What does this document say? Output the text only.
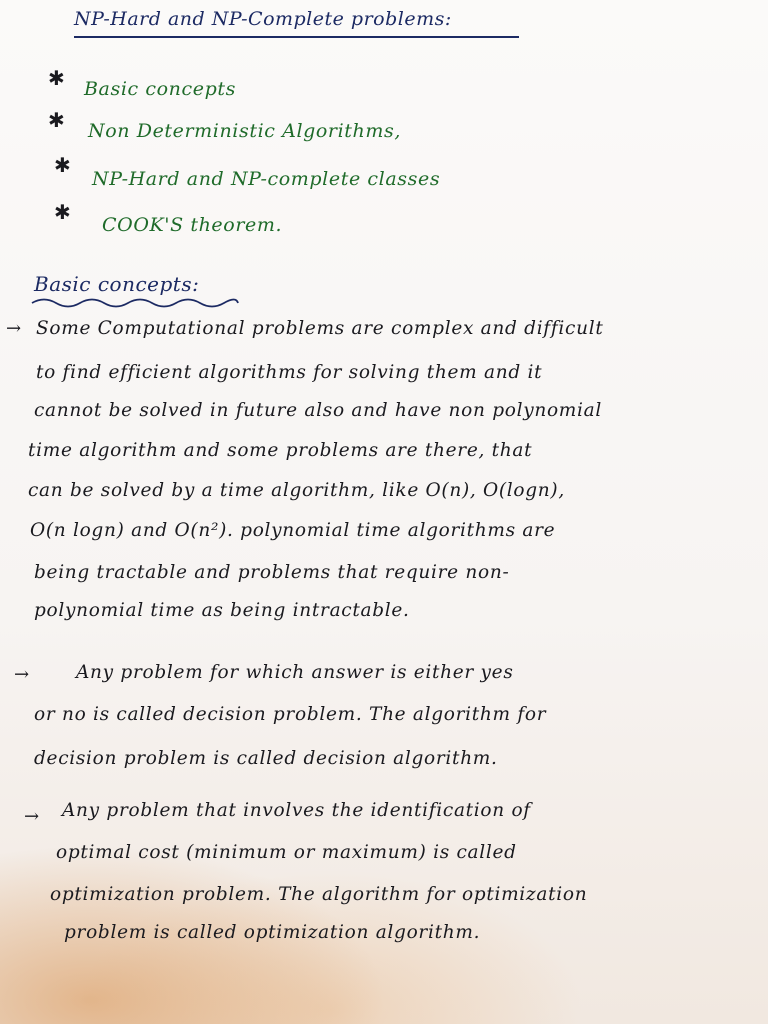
NP-Hard and NP-Complete problems:
✱ Basic concepts
✱ Non Deterministic Algorithms,
✱
NP-Hard and NP-complete classes
✱
COOK'S theorem.
Basic concepts:
→ Some Computational problems are complex and difficult
to find efficient algorithms for solving them and it
cannot be solved in future also and have non polynomial
time algorithm and some problems are there, that
can be solved by a time algorithm, like O(n), O(logn),
O(n logn) and O(n²). polynomial time algorithms are
being tractable and problems that require non-
polynomial time as being intractable.
→	Any problem for which answer is either yes
or no is called decision problem. The algorithm for
decision problem is called decision algorithm.
→ Any problem that involves the identification of
optimal cost (minimum or maximum) is called
optimization problem. The algorithm for optimization
problem is called optimization algorithm.
